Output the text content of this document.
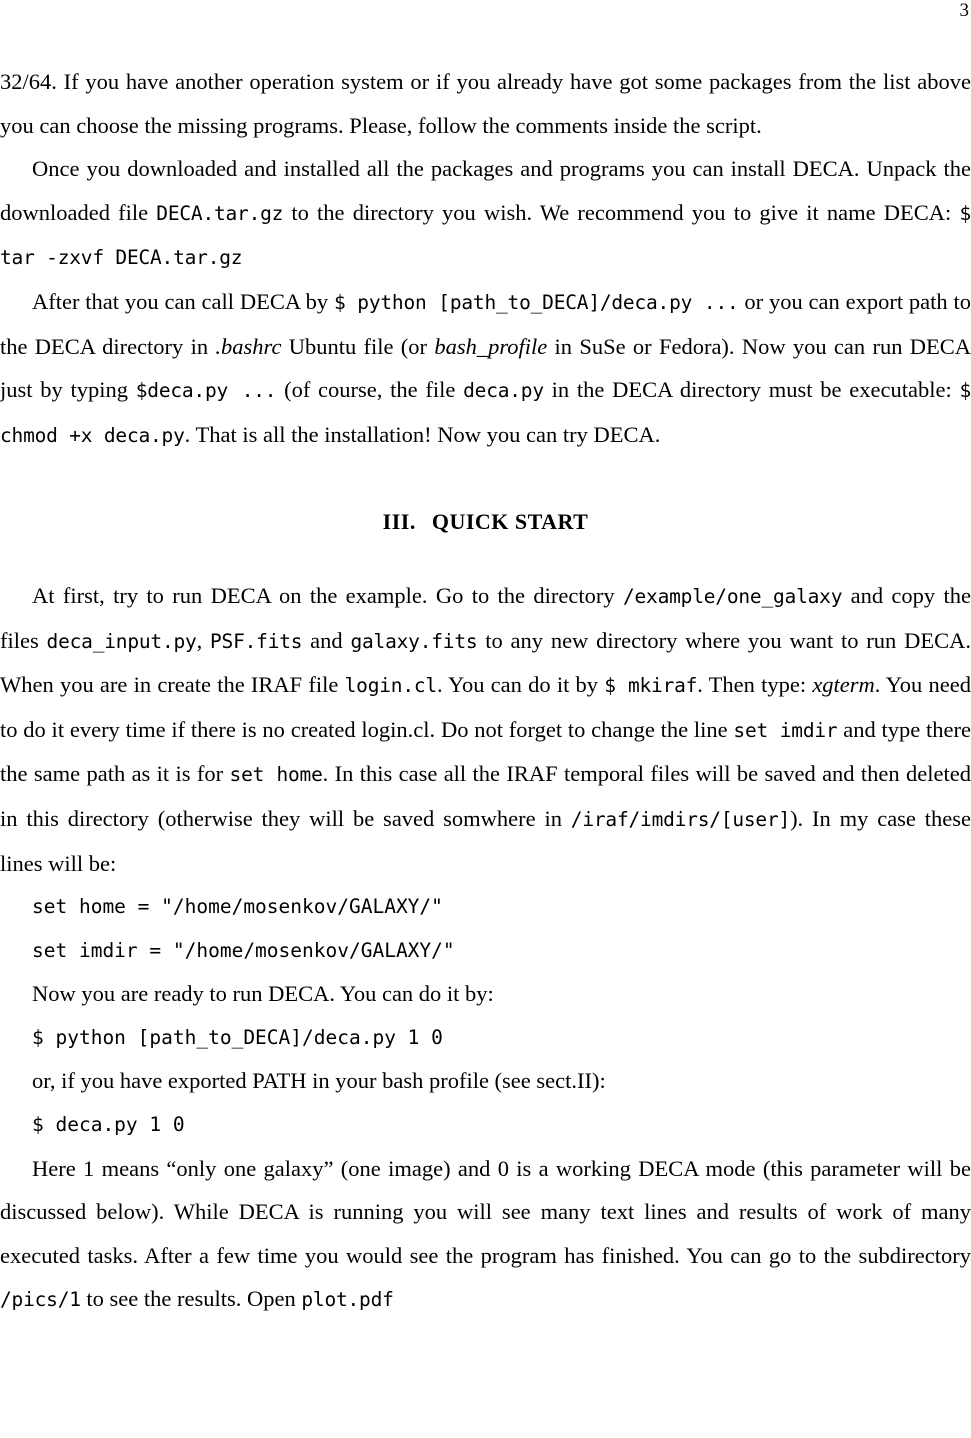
3

32/64. If you have another operation system or if you already have got some packages from the list above you can choose the missing programs. Please, follow the comments inside the script.

Once you downloaded and installed all the packages and programs you can install DECA. Unpack the downloaded file DECA.tar.gz to the directory you wish. We recommend you to give it name DECA: $ tar -zxvf DECA.tar.gz

After that you can call DECA by $ python [path_to_DECA]/deca.py ... or you can export path to the DECA directory in .bashrc Ubuntu file (or bash_profile in SuSe or Fedora). Now you can run DECA just by typing $deca.py ... (of course, the file deca.py in the DECA directory must be executable: $ chmod +x deca.py. That is all the installation! Now you can try DECA.

III. QUICK START

At first, try to run DECA on the example. Go to the directory /example/one_galaxy and copy the files deca_input.py, PSF.fits and galaxy.fits to any new directory where you want to run DECA. When you are in create the IRAF file login.cl. You can do it by $ mkiraf. Then type: xgterm. You need to do it every time if there is no created login.cl. Do not forget to change the line set imdir and type there the same path as it is for set home. In this case all the IRAF temporal files will be saved and then deleted in this directory (otherwise they will be saved somwhere in /iraf/imdirs/[user]). In my case these lines will be:

set home = "/home/mosenkov/GALAXY/"
set imdir = "/home/mosenkov/GALAXY/"

Now you are ready to run DECA. You can do it by:

$ python [path_to_DECA]/deca.py 1 0

or, if you have exported PATH in your bash profile (see sect.II):

$ deca.py 1 0

Here 1 means “only one galaxy” (one image) and 0 is a working DECA mode (this parameter will be discussed below). While DECA is running you will see many text lines and results of work of many executed tasks. After a few time you would see the program has finished. You can go to the subdirectory /pics/1 to see the results. Open plot.pdf
